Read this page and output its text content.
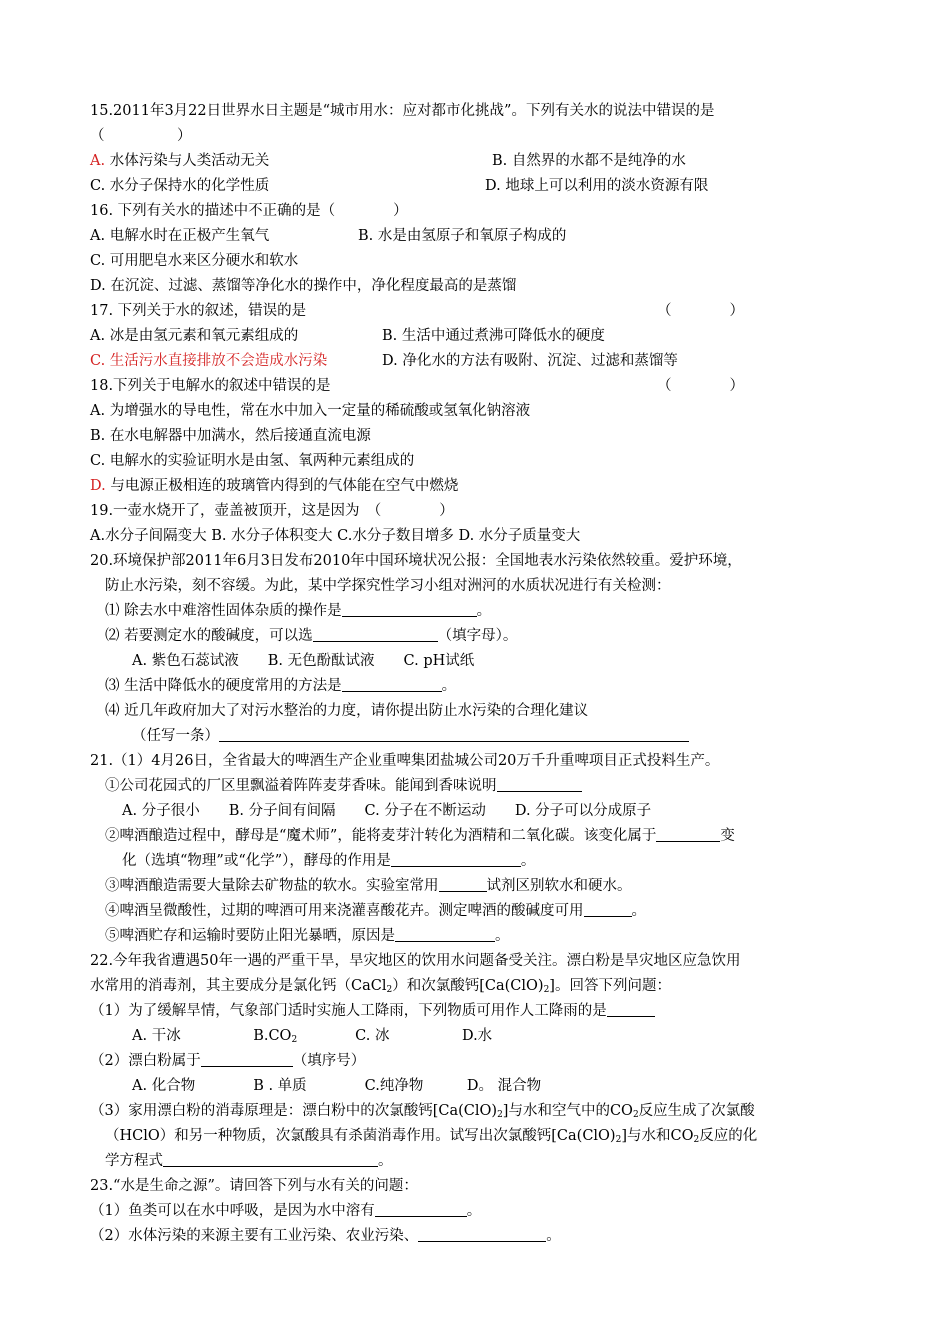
15.2011年3月22日世界水日主题是“城市用水：应对都市化挑战”。下列有关水的说法中错误的是
（　　　　　）
A. 水体污染与人类活动无关	B. 自然界的水都不是纯净的水
C. 水分子保持水的化学性质	D. 地球上可以利用的淡水资源有限
16. 下列有关水的描述中不正确的是（　　　　）
A. 电解水时在正极产生氧气	B. 水是由氢原子和氧原子构成的
C. 可用肥皂水来区分硬水和软水
D. 在沉淀、过滤、蒸馏等净化水的操作中，净化程度最高的是蒸馏
17. 下列关于水的叙述，错误的是	（　　　　）
A. 冰是由氢元素和氧元素组成的	B. 生活中通过煮沸可降低水的硬度
C. 生活污水直接排放不会造成水污染	D. 净化水的方法有吸附、沉淀、过滤和蒸馏等
18.下列关于电解水的叙述中错误的是	（　　　　）
A. 为增强水的导电性，常在水中加入一定量的稀硫酸或氢氧化钠溶液
B. 在水电解器中加满水，然后接通直流电源
C. 电解水的实验证明水是由氢、氧两种元素组成的
D. 与电源正极相连的玻璃管内得到的气体能在空气中燃烧
19.一壶水烧开了，壶盖被顶开，这是因为　（　　　　）
A.水分子间隔变大 B. 水分子体积变大 C.水分子数目增多 D. 水分子质量变大
20.环境保护部2011年6月3日发布2010年中国环境状况公报：全国地表水污染依然较重。爱护环境，
防止水污染，刻不容缓。为此，某中学探究性学习小组对洲河的水质状况进行有关检测：
⑴ 除去水中难溶性固体杂质的操作是	。
⑵ 若要测定水的酸碱度，可以选	（填字母）。
A. 紫色石蕊试液　　B. 无色酚酞试液　　C. pH试纸
⑶ 生活中降低水的硬度常用的方法是	。
⑷ 近几年政府加大了对污水整治的力度，请你提出防止水污染的合理化建议
（任写一条）
21.（1）4月26日，全省最大的啤酒生产企业重啤集团盐城公司20万千升重啤项目正式投料生产。
①公司花园式的厂区里飘溢着阵阵麦芽香味。能闻到香味说明
A. 分子很小　　B. 分子间有间隔　　C. 分子在不断运动　　D. 分子可以分成原子
②啤酒酿造过程中，酵母是“魔术师”，能将麦芽汁转化为酒精和二氧化碳。该变化属于	变
化（选填“物理”或“化学”），酵母的作用是	。
③啤酒酿造需要大量除去矿物盐的软水。实验室常用	试剂区别软水和硬水。
④啤酒呈微酸性，过期的啤酒可用来浇灌喜酸花卉。测定啤酒的酸碱度可用	。
⑤啤酒贮存和运输时要防止阳光暴晒，原因是	。
22.今年我省遭遇50年一遇的严重干旱，旱灾地区的饮用水问题备受关注。漂白粉是旱灾地区应急饮用
水常用的消毒剂，其主要成分是氯化钙（CaCl$_2$）和次氯酸钙$[Ca(ClO)_2]$。回答下列问题：
（1）为了缓解旱情，气象部门适时实施人工降雨，下列物质可用作人工降雨的是
A. 干冰　　　　　$B.CO_2$　　　　C. 冰　　　　　D.水
（2）漂白粉属于	（填序号）
A. 化合物　　　　B . 单质　　　　C.纯净物　　　D。 混合物
（3）家用漂白粉的消毒原理是：漂白粉中的次氯酸钙$[Ca(ClO)_2]$与水和空气中的$CO_2$反应生成了次氯酸
（HClO）和另一种物质，次氯酸具有杀菌消毒作用。试写出次氯酸钙$[Ca(ClO)_2]$与水和$CO_2$反应的化
学方程式	。
23.“水是生命之源”。请回答下列与水有关的问题：
（1）鱼类可以在水中呼吸，是因为水中溶有	。
（2）水体污染的来源主要有工业污染、农业污染、	。
